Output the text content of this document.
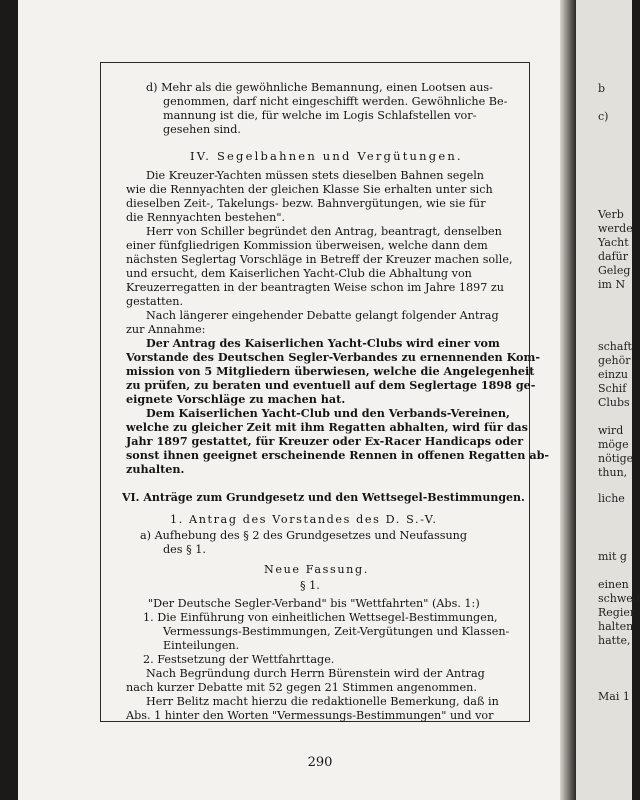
d) Mehr als die gewöhnliche Bemannung, einen Lootsen aus-

genommen, darf nicht eingeschifft werden. Gewöhnliche Be-

mannung ist die, für welche im Logis Schlafstellen vor-

gesehen sind.

IV. Segelbahnen und Vergütungen.

Die Kreuzer-Yachten müssen stets dieselben Bahnen segeln

wie die Rennyachten der gleichen Klasse Sie erhalten unter sich

dieselben Zeit-, Takelungs- bezw. Bahnvergütungen, wie sie für

die Rennyachten bestehen".

Herr von Schiller begründet den Antrag, beantragt, denselben

einer fünfgliedrigen Kommission überweisen, welche dann dem

nächsten Seglertag Vorschläge in Betreff der Kreuzer machen solle,

und ersucht, dem Kaiserlichen Yacht-Club die Abhaltung von

Kreuzerregatten in der beantragten Weise schon im Jahre 1897 zu

gestatten.

Nach längerer eingehender Debatte gelangt folgender Antrag

zur Annahme:

Der Antrag des Kaiserlichen Yacht-Clubs wird einer vom

Vorstande des Deutschen Segler-Verbandes zu ernennenden Kom-

mission von 5 Mitgliedern überwiesen, welche die Angelegenheit

zu prüfen, zu beraten und eventuell auf dem Seglertage 1898 ge-

eignete Vorschläge zu machen hat.

Dem Kaiserlichen Yacht-Club und den Verbands-Vereinen,

welche zu gleicher Zeit mit ihm Regatten abhalten, wird für das

Jahr 1897 gestattet, für Kreuzer oder Ex-Racer Handicaps oder

sonst ihnen geeignet erscheinende Rennen in offenen Regatten ab-

zuhalten.

VI. Anträge zum Grundgesetz und den Wettsegel-Bestimmungen.

1. Antrag des Vorstandes des D. S.-V.

a) Aufhebung des § 2 des Grundgesetzes und Neufassung

des § 1.

Neue Fassung.

§ 1.

"Der Deutsche Segler-Verband" bis "Wettfahrten" (Abs. 1:)

1. Die Einführung von einheitlichen Wettsegel-Bestimmungen,

Vermessungs-Bestimmungen, Zeit-Vergütungen und Klassen-

Einteilungen.

2. Festsetzung der Wettfahrttage.

Nach Begründung durch Herrn Bürenstein wird der Antrag

nach kurzer Debatte mit 52 gegen 21 Stimmen angenommen.

Herr Belitz macht hierzu die redaktionelle Bemerkung, daß in

Abs. 1 hinter den Worten "Vermessungs-Bestimmungen" und vor

290

b

c)

Yacht

dafür

Geleg

im N

Verb

werde

schaft

gehör

einzu

Schif

Clubs

wird

möge

nötige

thun,

liche

mit g

einen

schwed

Regier

halten

hatte,

Mai 1
